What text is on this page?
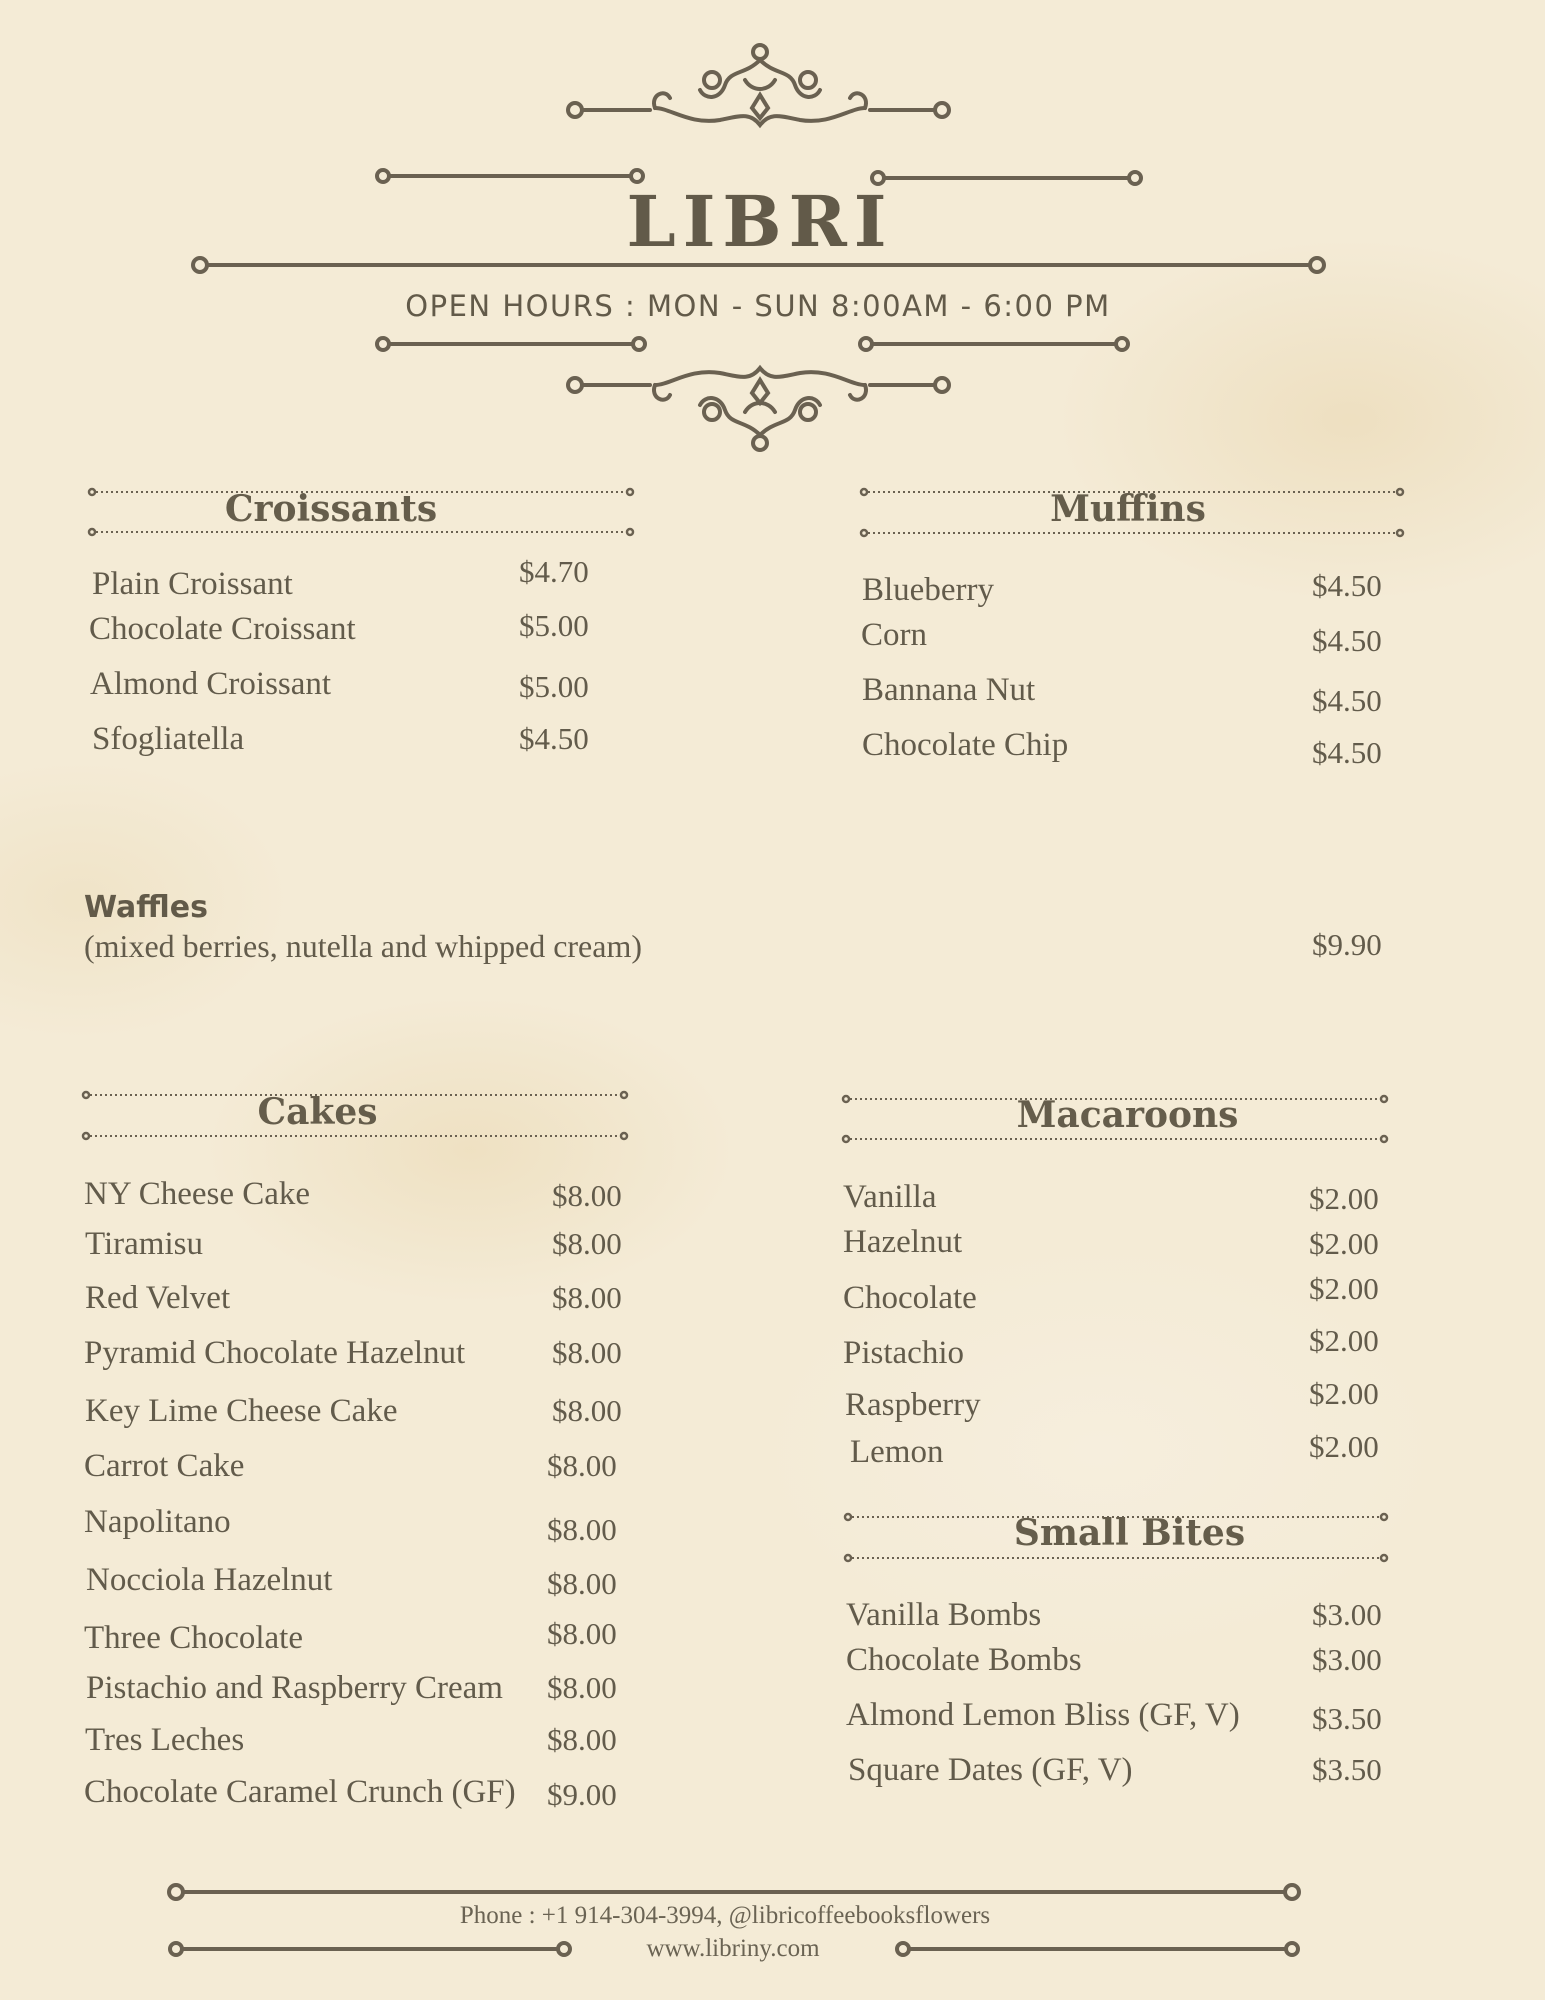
LIBRI
OPEN HOURS : MON - SUN 8:00AM - 6:00 PM
Croissants
Plain Croissant	$4.70
Chocolate Croissant	$5.00
Almond Croissant	$5.00
Sfogliatella	$4.50
Muffins
Blueberry	$4.50
Corn	$4.50
Bannana Nut	$4.50
Chocolate Chip	$4.50
Waffles
(mixed berries, nutella and whipped cream)	$9.90
Cakes
NY Cheese Cake	$8.00
Tiramisu	$8.00
Red Velvet	$8.00
Pyramid Chocolate Hazelnut	$8.00
Key Lime Cheese Cake	$8.00
Carrot Cake	$8.00
Napolitano	$8.00
Nocciola Hazelnut	$8.00
Three Chocolate	$8.00
Pistachio and Raspberry Cream $8.00
Tres Leches	$8.00
Chocolate Caramel Crunch (GF) $9.00
Macaroons
Vanilla	$2.00
Hazelnut	$2.00
Chocolate	$2.00
Pistachio	$2.00
Raspberry	$2.00
Lemon	$2.00
Small Bites
Vanilla Bombs	$3.00
Chocolate Bombs	$3.00
Almond Lemon Bliss (GF, V) $3.50
Square Dates (GF, V)	$3.50
Phone : +1 914-304-3994, @libricoffeebooksflowers
www.libriny.com
